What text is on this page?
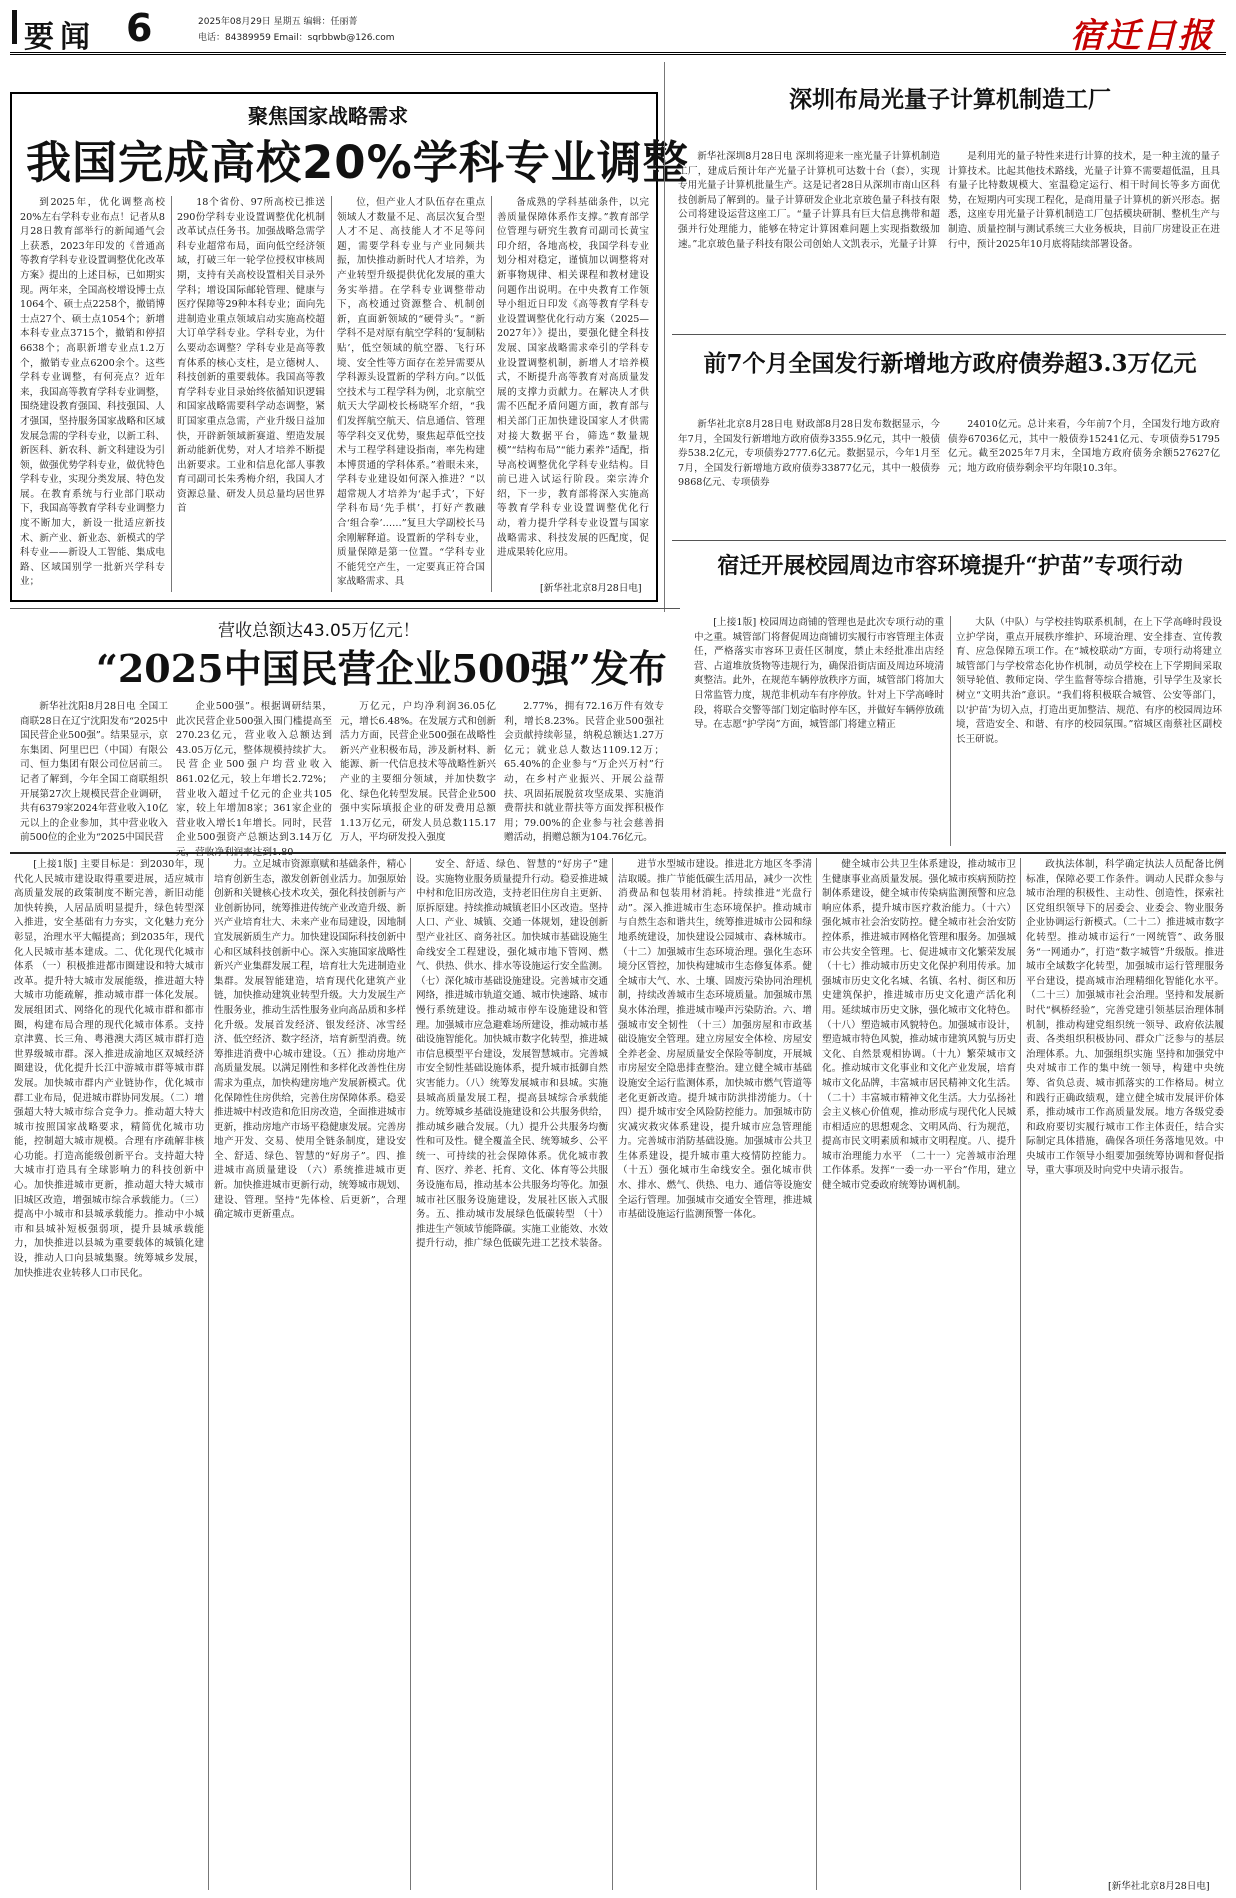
要闻 6	2025年08月29日 星期五 编辑：任丽菁
电话：84389959 Email：sqrbbwb@126.com	宿迁日报
聚焦国家战略需求
我国完成高校20%学科专业调整

到2025年，优化调整高校20%左右学科专业布点！记者从8月28日教育部举行的新闻通气会上获悉，2023年印发的《普通高等教育学科专业设置调整优化改革方案》提出的上述目标，已如期实现。两年来，全国高校增设博士点1064个、硕士点2258个，撤销博士点27个、硕士点1054个；新增本科专业点3715个，撤销和停招6638个；高职新增专业点1.2万个，撤销专业点6200余个。这些学科专业调整，有何亮点？近年来，我国高等教育学科专业调整，围绕建设教育强国、科技强国、人才强国，坚持服务国家战略和区域发展急需的学科专业，以新工科、新医科、新农科、新文科建设为引领，做强优势学科专业，做优特色学科专业，实现分类发展、特色发展。在教育系统与行业部门联动下，我国高等教育学科专业调整力度不断加大，新设一批适应新技术、新产业、新业态、新模式的学科专业——新设人工智能、集成电路、区域国别学一批新兴学科专业；

18个省份、97所高校已推送290份学科专业设置调整优化机制改革试点任务书。加强战略急需学科专业超常布局，面向低空经济领域，打破三年一轮学位授权审核周期，支持有关高校设置相关目录外学科；增设国际邮轮管理、健康与医疗保障等29种本科专业；面向先进制造业重点领域启动实施高校超大订单学科专业。学科专业，为什么要动态调整？学科专业是高等教育体系的核心支柱，是立德树人、科技创新的重要载体。我国高等教育学科专业目录始终依循知识逻辑和国家战略需要科学动态调整，紧盯国家重点急需，产业升级日益加快，开辟新领域新赛道、塑造发展新动能新优势，对人才培养不断提出新要求。工业和信息化部人事教育司副司长朱秀梅介绍，我国人才资源总量、研发人员总量均居世界首

位，但产业人才队伍存在重点领域人才数量不足、高层次复合型人才不足、高技能人才不足等问题，需要学科专业与产业同频共振，加快推动新时代人才培养，为产业转型升级提供优化发展的重大务实举措。在学科专业调整带动下，高校通过资源整合、机制创新，直面新领域的“硬骨头”。“新学科不是对原有航空学科的‘复制粘贴’，低空领域的航空器、飞行环境、安全性等方面存在差异需要从学科源头设置新的学科方向。”以低空技术与工程学科为例，北京航空航天大学副校长杨晓军介绍，“我们发挥航空航天、信息通信、管理等学科交叉优势，聚焦起草低空技术与工程学科建设指南，率先构建本博贯通的学科体系。”着眼未来，学科专业建设如何深入推进？“以超常规人才培养为‘起手式’，下好学科布局‘先手棋’，打好产教融合‘组合拳’……”复旦大学副校长马余刚解释道。设置新的学科专业，质量保障是第一位置。“学科专业不能凭空产生，一定要真正符合国家战略需求、具

备成熟的学科基础条件，以完善质量保障体系作支撑。”教育部学位管理与研究生教育司副司长黄宝印介绍，各地高校，我国学科专业划分相对稳定，谨慎加以调整将对新事物规律、相关课程和教材建设问题作出说明。在中央教育工作领导小组近日印发《高等教育学科专业设置调整优化行动方案（2025—2027年）》提出，要强化健全科技发展、国家战略需求牵引的学科专业设置调整机制，新增人才培养模式，不断提升高等教育对高质量发展的支撑力贡献力。在解决人才供需不匹配矛盾问题方面，教育部与相关部门正加快建设国家人才供需对接大数据平台，筛选“数量规模”“结构布局”“能力素养”适配，指导高校调整优化学科专业结构。目前已进入试运行阶段。栾宗涛介绍，下一步，教育部将深入实施高等教育学科专业设置调整优化行动，着力提升学科专业设置与国家战略需求、科技发展的匹配度，促进成果转化应用。

[新华社北京8月28日电]
深圳布局光量子计算机制造工厂

新华社深圳8月28日电 深圳将迎来一座光量子计算机制造工厂，建成后预计年产光量子计算机可达数十台（套），实现专用光量子计算机批量生产。这是记者28日从深圳市南山区科技创新局了解到的。量子计算研发企业北京玻色量子科技有限公司将建设运营这座工厂。“量子计算具有巨大信息携带和超强并行处理能力，能够在特定计算困难问题上实现指数级加速。”北京玻色量子科技有限公司创始人文凯表示，光量子计算

是利用光的量子特性来进行计算的技术，是一种主流的量子计算技术。比起其他技术路线，光量子计算不需要超低温，且具有量子比特数规模大、室温稳定运行、相干时间长等多方面优势，在短期内可实现工程化，是商用量子计算机的新兴形态。据悉，这座专用光量子计算机制造工厂包括模块研制、整机生产与制造、质量控制与测试系统三大业务板块，目前厂房建设正在进行中，预计2025年10月底将陆续部署设备。

前7个月全国发行新增地方政府债券超3.3万亿元

新华社北京8月28日电 财政部8月28日发布数据显示，今年7月，全国发行新增地方政府债券3355.9亿元，其中一般债券538.2亿元，专项债券2777.6亿元。数据显示，今年1月至7月，全国发行新增地方政府债券33877亿元，其中一般债券9868亿元、专项债券

24010亿元。总计来看，今年前7个月，全国发行地方政府债券67036亿元，其中一般债券15241亿元、专项债券51795亿元。截至2025年7月末，全国地方政府债务余额527627亿元；地方政府债券剩余平均年限10.3年。

宿迁开展校园周边市容环境提升“护苗”专项行动

[上接1版] 校园周边商铺的管理也是此次专项行动的重中之重。城管部门将督促周边商铺切实履行市容管理主体责任，严格落实市容环卫责任区制度，禁止未经批准出店经营、占道堆放货物等违规行为，确保沿街店面及周边环境清爽整洁。此外，在规范车辆停放秩序方面，城管部门将加大日常监管力度，规范非机动车有序停放。针对上下学高峰时段，将联合交警等部门划定临时停车区，并做好车辆停放疏导。在志愿“护学岗”方面，城管部门将建立精正

大队（中队）与学校挂钩联系机制，在上下学高峰时段设立护学岗，重点开展秩序维护、环境治理、安全排查、宣传教育、应急保障五项工作。在“城校联动”方面，专项行动将建立城管部门与学校常态化协作机制，动员学校在上下学期间采取领导轮值、教师定岗、学生监督等综合措施，引导学生及家长树立“文明共治”意识。“我们将积极联合城管、公安等部门，以‘护苗’为切入点，打造出更加整洁、规范、有序的校园周边环境，营造安全、和谐、有序的校园氛围。”宿城区南蔡社区副校长王研说。

营收总额达43.05万亿元！
“2025中国民营企业500强”发布

新华社沈阳8月28日电 全国工商联28日在辽宁沈阳发布“2025中国民营企业500强”。结果显示，京东集团、阿里巴巴（中国）有限公司、恒力集团有限公司位居前三。记者了解到，今年全国工商联组织开展第27次上规模民营企业调研，共有6379家2024年营业收入10亿元以上的企业参加，其中营业收入前500位的企业为“2025中国民营

企业500强”。根据调研结果，此次民营企业500强入围门槛提高至270.23亿元，营业收入总额达到43.05万亿元，整体规模持续扩大。民营企业500强户均营业收入861.02亿元，较上年增长2.72%；营业收入超过千亿元的企业共105家，较上年增加8家；361家企业的营业收入增长1年增长。同时，民营企业500强资产总额达到3.14万亿元，营收净利润率达到1.80

万亿元，户均净利润36.05亿元，增长6.48%。在发展方式和创新活力方面，民营企业500强在战略性新兴产业积极布局，涉及新材料、新能源、新一代信息技术等战略性新兴产业的主要细分领域，并加快数字化、绿色化转型发展。民营企业500强中实际填报企业的研发费用总额1.13万亿元，研发人员总数115.17万人，平均研发投入强度

2.77%，拥有72.16万件有效专利，增长8.23%。民营企业500强社会贡献持续彰显，纳税总额达1.27万亿元；就业总人数达1109.12万；65.40%的企业参与“万企兴万村”行动，在乡村产业振兴、开展公益帮扶、巩固拓展脱贫攻坚成果、实施消费帮扶和就业帮扶等方面发挥积极作用；79.00%的企业参与社会慈善捐赠活动，捐赠总额为104.76亿元。

[上接1版] 主要目标是：到2030年，现代化人民城市建设取得重要进展，适应城市高质量发展的政策制度不断完善，新旧动能加快转换，人居品质明显提升，绿色转型深入推进，安全基础有力夯实，文化魅力充分彰显，治理水平大幅提高；到2035年，现代化人民城市基本建成。二、优化现代化城市体系 （一）积极推进都市圈建设和特大城市改革。提升特大城市发展能级，推进超大特大城市功能疏解，推动城市群一体化发展。发展组团式、网络化的现代化城市群和都市圈，构建布局合理的现代化城市体系。支持京津冀、长三角、粤港澳大湾区城市群打造世界级城市群。深入推进成渝地区双城经济圈建设，优化提升长江中游城市群等城市群发展。加快城市群内产业链协作，优化城市群工业布局，促进城市群协同发展。（二）增强超大特大城市综合竞争力。推动超大特大城市按照国家战略要求，精简优化城市功能，控制超大城市规模。合理有序疏解非核心功能。打造高能级创新平台。支持超大特大城市打造具有全球影响力的科技创新中心。加快推进城市更新，推动超大特大城市旧城区改造，增强城市综合承载能力。（三）提高中小城市和县城承载能力。推动中小城市和县城补短板强弱项，提升县城承载能力，加快推进以县城为重要载体的城镇化建设，推动人口向县城集聚。统筹城乡发展，加快推进农业转移人口市民化。

力。立足城市资源禀赋和基础条件，精心培育创新生态，激发创新创业活力。加强原始创新和关键核心技术攻关，强化科技创新与产业创新协同，统筹推进传统产业改造升级、新兴产业培育壮大、未来产业布局建设，因地制宜发展新质生产力。加快建设国际科技创新中心和区域科技创新中心。深入实施国家战略性新兴产业集群发展工程，培育壮大先进制造业集群。发展智能建造，培育现代化建筑产业链，加快推动建筑业转型升级。大力发展生产性服务业，推动生活性服务业向高品质和多样化升级。发展首发经济、银发经济、冰雪经济、低空经济、数字经济，培育新型消费。统筹推进消费中心城市建设。（五）推动房地产高质量发展。以满足刚性和多样化改善性住房需求为重点，加快构建房地产发展新模式。优化保障性住房供给，完善住房保障体系。稳妥推进城中村改造和危旧房改造，全面推进城市更新，推动房地产市场平稳健康发展。完善房地产开发、交易、使用全链条制度，建设安全、舒适、绿色、智慧的“好房子”。四、推进城市高质量建设 （六）系统推进城市更新。加快推进城市更新行动，统筹城市规划、建设、管理。坚持“先体检、后更新”，合理确定城市更新重点。

安全、舒适、绿色、智慧的“好房子”建设。实施物业服务质量提升行动。稳妥推进城中村和危旧房改造，支持老旧住房自主更新、原拆原建。持续推动城镇老旧小区改造。坚持人口、产业、城镇、交通一体规划，建设创新型产业社区、商务社区。加快城市基础设施生命线安全工程建设，强化城市地下管网、燃气、供热、供水、排水等设施运行安全监测。（七）深化城市基础设施建设。完善城市交通网络，推进城市轨道交通、城市快速路、城市慢行系统建设。推动城市停车设施建设和管理。加强城市应急避难场所建设，推动城市基础设施智能化。加快城市数字化转型，推进城市信息模型平台建设，发展智慧城市。完善城市安全韧性基础设施体系，提升城市抵御自然灾害能力。（八）统筹发展城市和县城。实施县城高质量发展工程，提高县城综合承载能力。统筹城乡基础设施建设和公共服务供给，推动城乡融合发展。（九）提升公共服务均衡性和可及性。健全覆盖全民、统筹城乡、公平统一、可持续的社会保障体系。优化城市教育、医疗、养老、托育、文化、体育等公共服务设施布局，推动基本公共服务均等化。加强城市社区服务设施建设，发展社区嵌入式服务。五、推动城市发展绿色低碳转型 （十）推进生产领域节能降碳。实施工业能效、水效提升行动，推广绿色低碳先进工艺技术装备。

进节水型城市建设。推进北方地区冬季清洁取暖。推广节能低碳生活用品，减少一次性消费品和包装用材消耗。持续推进“光盘行动”。深入推进城市生态环境保护。推动城市与自然生态和谐共生，统筹推进城市公园和绿地系统建设，加快建设公园城市、森林城市。（十二）加强城市生态环境治理。强化生态环境分区管控，加快构建城市生态修复体系。健全城市大气、水、土壤、固废污染协同治理机制，持续改善城市生态环境质量。加强城市黑臭水体治理，推进城市噪声污染防治。六、增强城市安全韧性 （十三）加强房屋和市政基础设施安全管理。建立房屋安全体检、房屋安全养老金、房屋质量安全保险等制度，开展城市房屋安全隐患排查整治。建立健全城市基础设施安全运行监测体系，加快城市燃气管道等老化更新改造。提升城市防洪排涝能力。（十四）提升城市安全风险防控能力。加强城市防灾减灾救灾体系建设，提升城市应急管理能力。完善城市消防基础设施。加强城市公共卫生体系建设，提升城市重大疫情防控能力。（十五）强化城市生命线安全。强化城市供水、排水、燃气、供热、电力、通信等设施安全运行管理。加强城市交通安全管理，推进城市基础设施运行监测预警一体化。

健全城市公共卫生体系建设，推动城市卫生健康事业高质量发展。强化城市疾病预防控制体系建设，健全城市传染病监测预警和应急响应体系，提升城市医疗救治能力。（十六）强化城市社会治安防控。健全城市社会治安防控体系，推进城市网格化管理和服务。加强城市公共安全管理。七、促进城市文化繁荣发展 （十七）推动城市历史文化保护利用传承。加强城市历史文化名城、名镇、名村、街区和历史建筑保护，推进城市历史文化遗产活化利用。延续城市历史文脉，强化城市文化特色。（十八）塑造城市风貌特色。加强城市设计，塑造城市特色风貌，推动城市建筑风貌与历史文化、自然景观相协调。（十九）繁荣城市文化。推动城市文化事业和文化产业发展，培育城市文化品牌，丰富城市居民精神文化生活。（二十）丰富城市精神文化生活。大力弘扬社会主义核心价值观，推动形成与现代化人民城市相适应的思想观念、文明风尚、行为规范，提高市民文明素质和城市文明程度。八、提升城市治理能力水平 （二十一）完善城市治理工作体系。发挥“一委一办一平台”作用，建立健全城市党委政府统筹协调机制。

政执法体制，科学确定执法人员配备比例标准，保障必要工作条件。调动人民群众参与城市治理的积极性、主动性、创造性，探索社区党组织领导下的居委会、业委会、物业服务企业协调运行新模式。（二十二）推进城市数字化转型。推动城市运行“一网统管”、政务服务“一网通办”，打造“数字城管”升级版。推进城市全域数字化转型，加强城市运行管理服务平台建设，提高城市治理精细化智能化水平。（二十三）加强城市社会治理。坚持和发展新时代“枫桥经验”，完善党建引领基层治理体制机制，推动构建党组织统一领导、政府依法履责、各类组织积极协同、群众广泛参与的基层治理体系。九、加强组织实施 坚持和加强党中央对城市工作的集中统一领导，构建中央统筹、省负总责、城市抓落实的工作格局。树立和践行正确政绩观，建立健全城市发展评价体系，推动城市工作高质量发展。地方各级党委和政府要切实履行城市工作主体责任，结合实际制定具体措施，确保各项任务落地见效。中央城市工作领导小组要加强统筹协调和督促指导，重大事项及时向党中央请示报告。

[新华社北京8月28日电]
